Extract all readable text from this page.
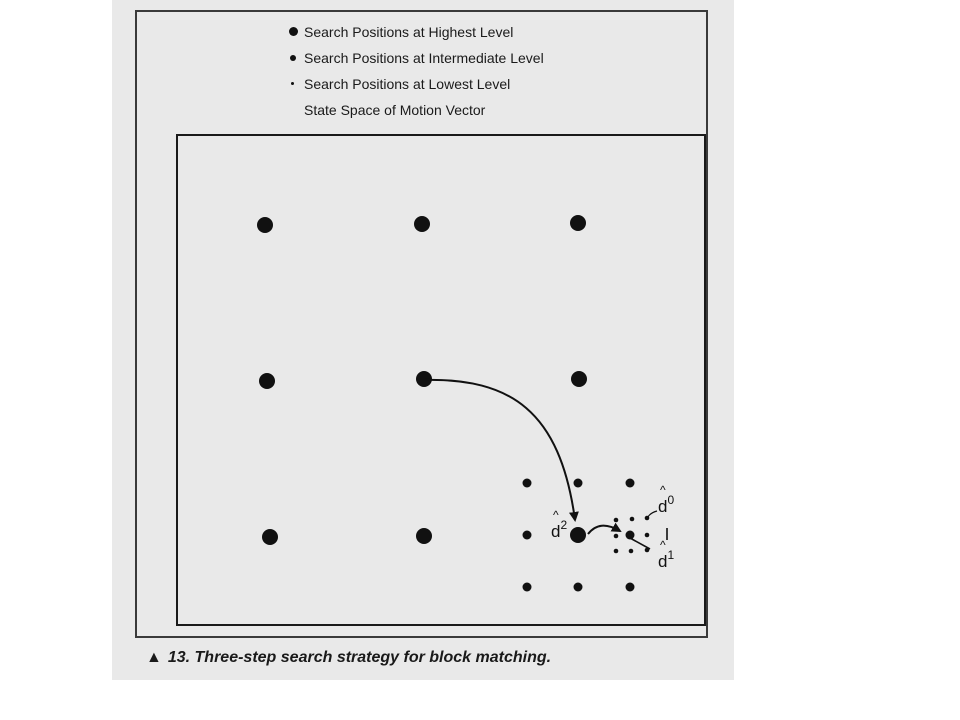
Search Positions at Highest Level
Search Positions at Intermediate Level
Search Positions at Lowest Level
State Space of Motion Vector
$d^2$
^	$d^0$
^
$d^1$
^
▲ 13. Three-step search strategy for block matching.
